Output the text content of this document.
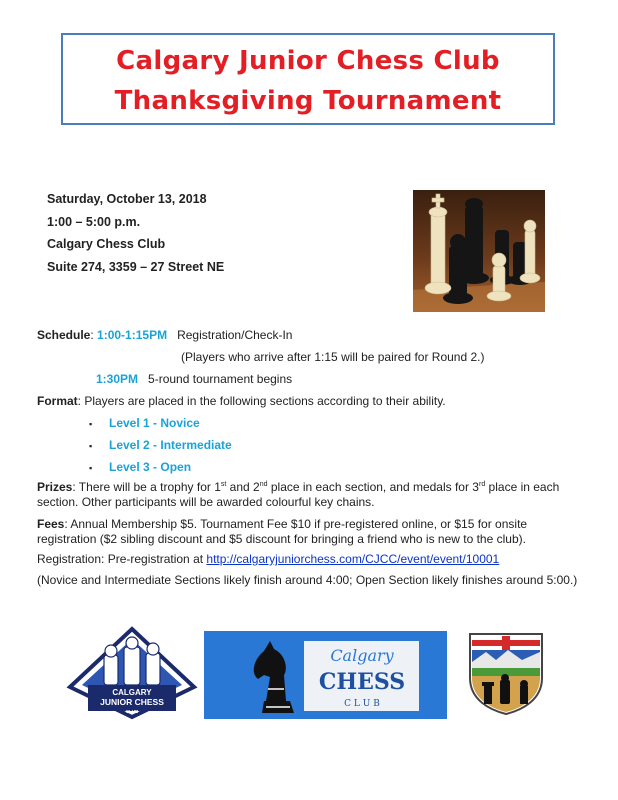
Calgary Junior Chess Club
Thanksgiving Tournament
Saturday, October 13, 2018
1:00 – 5:00 p.m.
Calgary Chess Club
Suite 274, 3359 – 27 Street NE
Schedule: 1:00-1:15PM Registration/Check-In
(Players who arrive after 1:15 will be paired for Round 2.)
1:30PM 5-round tournament begins
Format: Players are placed in the following sections according to their ability.
▪ Level 1 - Novice
▪ Level 2 - Intermediate
▪ Level 3 - Open
Prizes: There will be a trophy for 1st and 2nd place in each section, and medals for 3rd place in each section. Other participants will be awarded colourful key chains.
Fees: Annual Membership $5. Tournament Fee $10 if pre-registered online, or $15 for onsite registration ($2 sibling discount and $5 discount for bringing a friend who is new to the club).
Registration: Pre-registration at http://calgaryjuniorchess.com/CJCC/event/event/10001
(Novice and Intermediate Sections likely finish around 4:00; Open Section likely finishes around 5:00.)
CALGARY
JUNIOR CHESS
CLUB
Calgary
CHESS
C L U B
